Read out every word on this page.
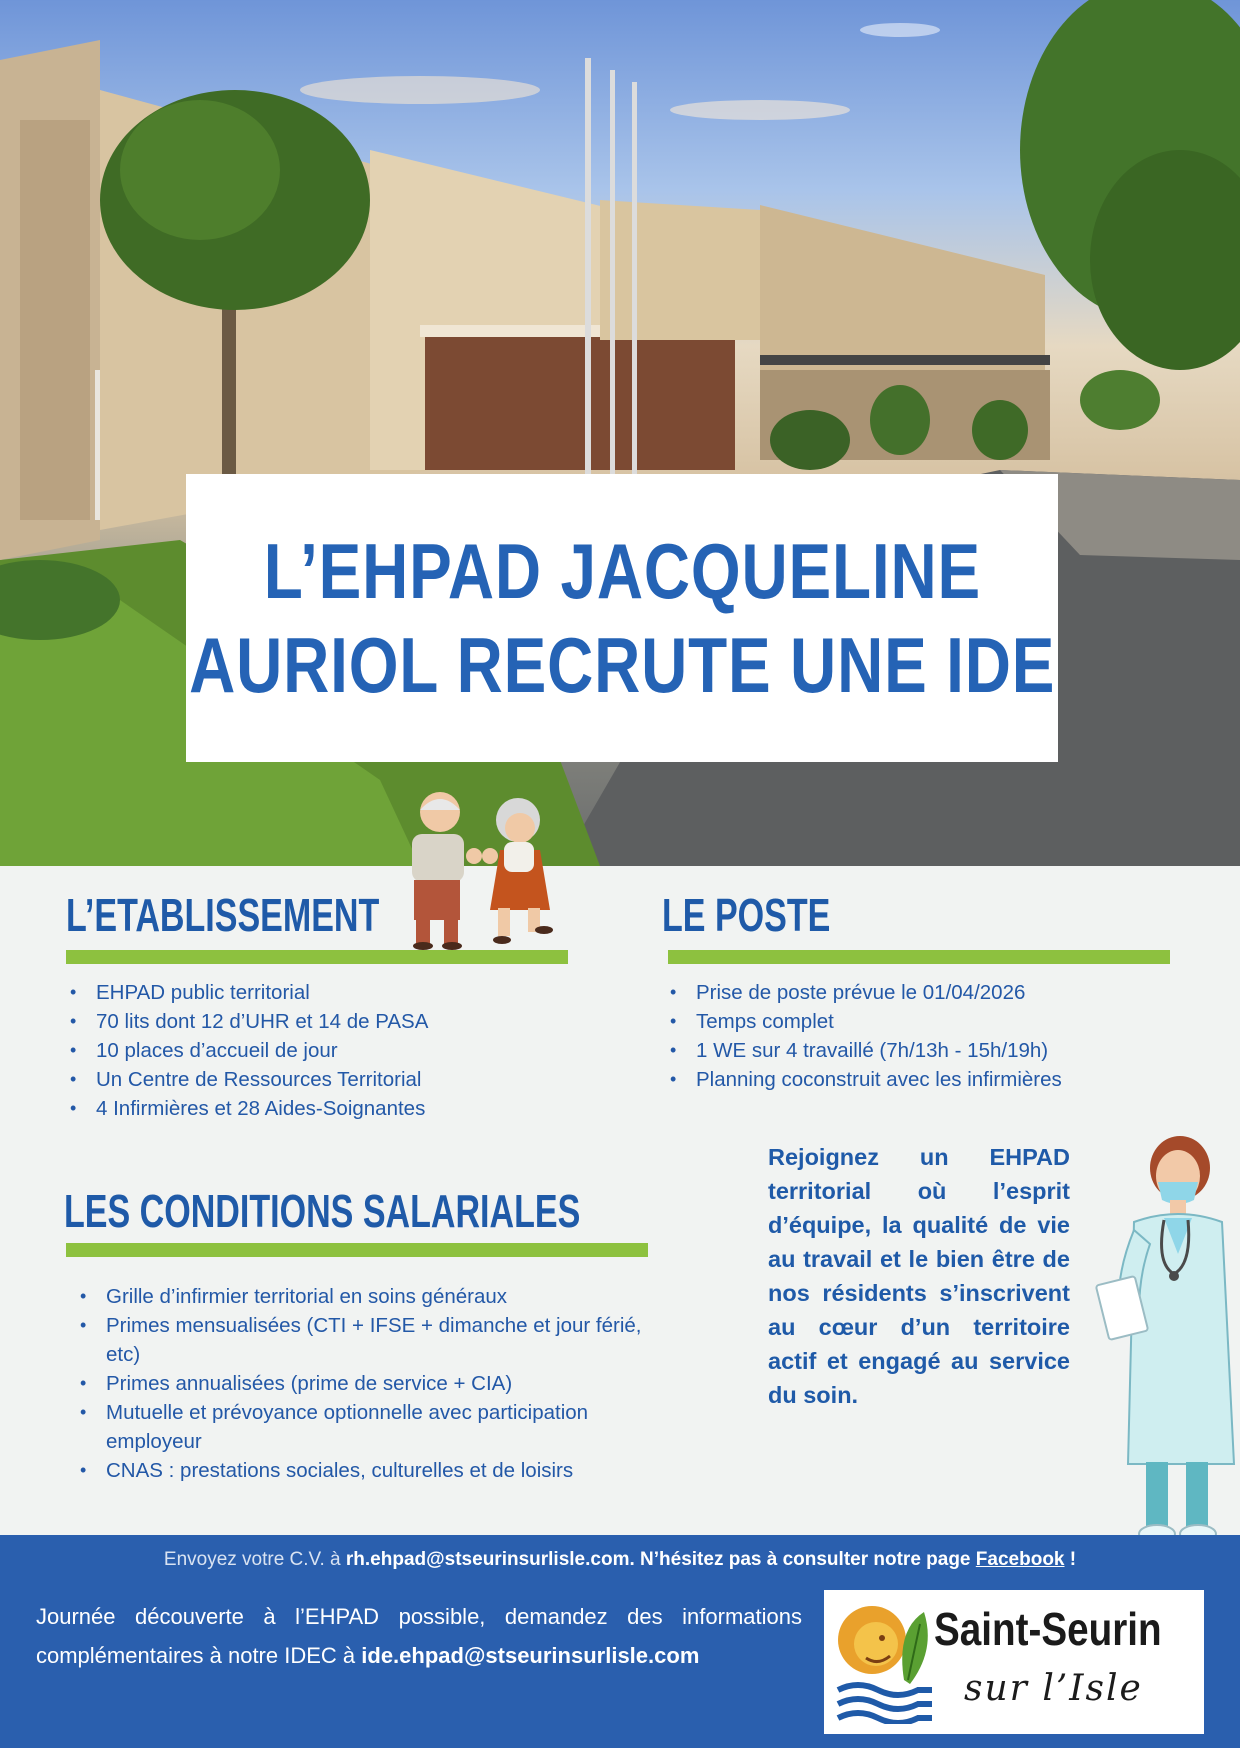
L’EHPAD JACQUELINE
AURIOL RECRUTE UNE IDE
L’ETABLISSEMENT
• EHPAD public territorial
• 70 lits dont 12 d’UHR et 14 de PASA
• 10 places d’accueil de jour
• Un Centre de Ressources Territorial
• 4 Infirmières et 28 Aides-Soignantes
LE POSTE
• Prise de poste prévue le 01/04/2026
• Temps complet
• 1 WE sur 4 travaillé (7h/13h - 15h/19h)
• Planning coconstruit avec les infirmières
LES CONDITIONS SALARIALES
• Grille d’infirmier territorial en soins généraux
• Primes mensualisées (CTI + IFSE + dimanche et jour férié, etc)
• Primes annualisées (prime de service + CIA)
• Mutuelle et prévoyance optionnelle avec participation employeur
• CNAS : prestations sociales, culturelles et de loisirs
Rejoignez un EHPAD territorial où l’esprit d’équipe, la qualité de vie au travail et le bien être de nos résidents s’inscrivent au cœur d’un territoire actif et engagé au service du soin.
Envoyez votre C.V. à rh.ehpad@stseurinsurlisle.com. N’hésitez pas à consulter notre page Facebook !
Journée découverte à l’EHPAD possible, demandez des informations complémentaires à notre IDEC à ide.ehpad@stseurinsurlisle.com
Saint-Seurin
sur l’Isle
